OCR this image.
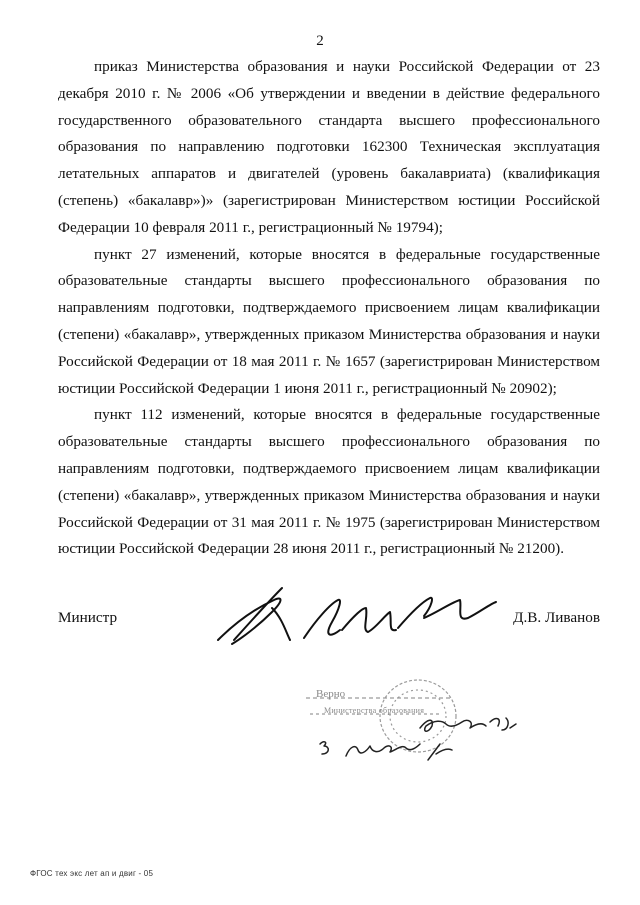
2

приказ Министерства образования и науки Российской Федерации от 23 декабря 2010 г. № 2006 «Об утверждении и введении в действие федерального государственного образовательного стандарта высшего профессионального образования по направлению подготовки 162300 Техническая эксплуатация летательных аппаратов и двигателей (уровень бакалавриата) (квалификация (степень) «бакалавр»)» (зарегистрирован Министерством юстиции Российской Федерации 10 февраля 2011 г., регистрационный № 19794);

пункт 27 изменений, которые вносятся в федеральные государственные образовательные стандарты высшего профессионального образования по направлениям подготовки, подтверждаемого присвоением лицам квалификации (степени) «бакалавр», утвержденных приказом Министерства образования и науки Российской Федерации от 18 мая 2011 г. № 1657 (зарегистрирован Министерством юстиции Российской Федерации 1 июня 2011 г., регистрационный № 20902);

пункт 112 изменений, которые вносятся в федеральные государственные образовательные стандарты высшего профессионального образования по направлениям подготовки, подтверждаемого присвоением лицам квалификации (степени) «бакалавр», утвержденных приказом Министерства образования и науки Российской Федерации от 31 мая 2011 г. № 1975 (зарегистрирован Министерством юстиции Российской Федерации 28 июня 2011 г., регистрационный № 21200).

Министр	Д.В. Ливанов
Верно
Министерства образования
ФГОС тех экс лет ап и двиг - 05
